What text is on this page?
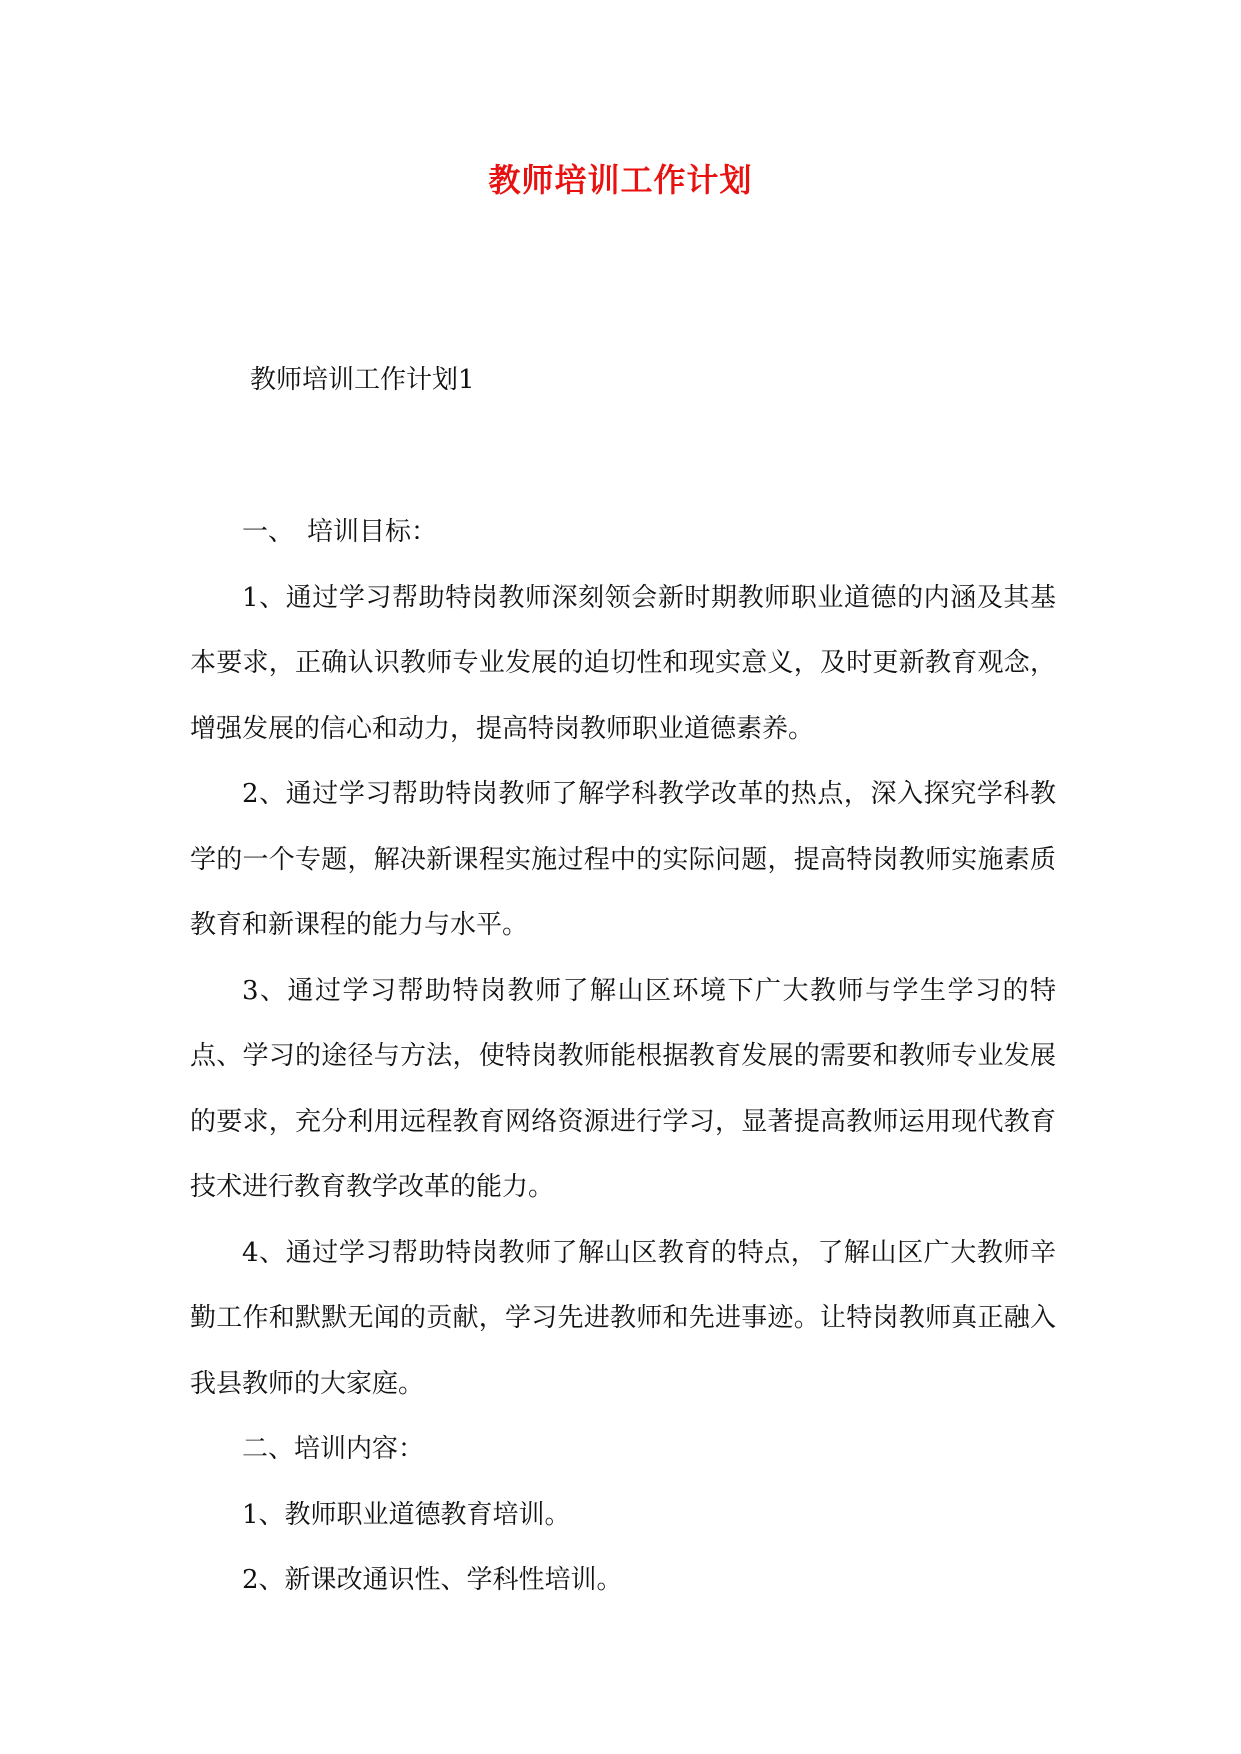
教师培训工作计划
教师培训工作计划1

一、　培训目标：

1、通过学习帮助特岗教师深刻领会新时期教师职业道德的内涵及其基本要求，正确认识教师专业发展的迫切性和现实意义，及时更新教育观念，增强发展的信心和动力，提高特岗教师职业道德素养。

2、通过学习帮助特岗教师了解学科教学改革的热点，深入探究学科教学的一个专题，解决新课程实施过程中的实际问题，提高特岗教师实施素质教育和新课程的能力与水平。

3、通过学习帮助特岗教师了解山区环境下广大教师与学生学习的特点、学习的途径与方法，使特岗教师能根据教育发展的需要和教师专业发展的要求，充分利用远程教育网络资源进行学习，显著提高教师运用现代教育技术进行教育教学改革的能力。

4、通过学习帮助特岗教师了解山区教育的特点，了解山区广大教师辛勤工作和默默无闻的贡献，学习先进教师和先进事迹。让特岗教师真正融入我县教师的大家庭。

二、培训内容：

1、教师职业道德教育培训。

2、新课改通识性、学科性培训。
